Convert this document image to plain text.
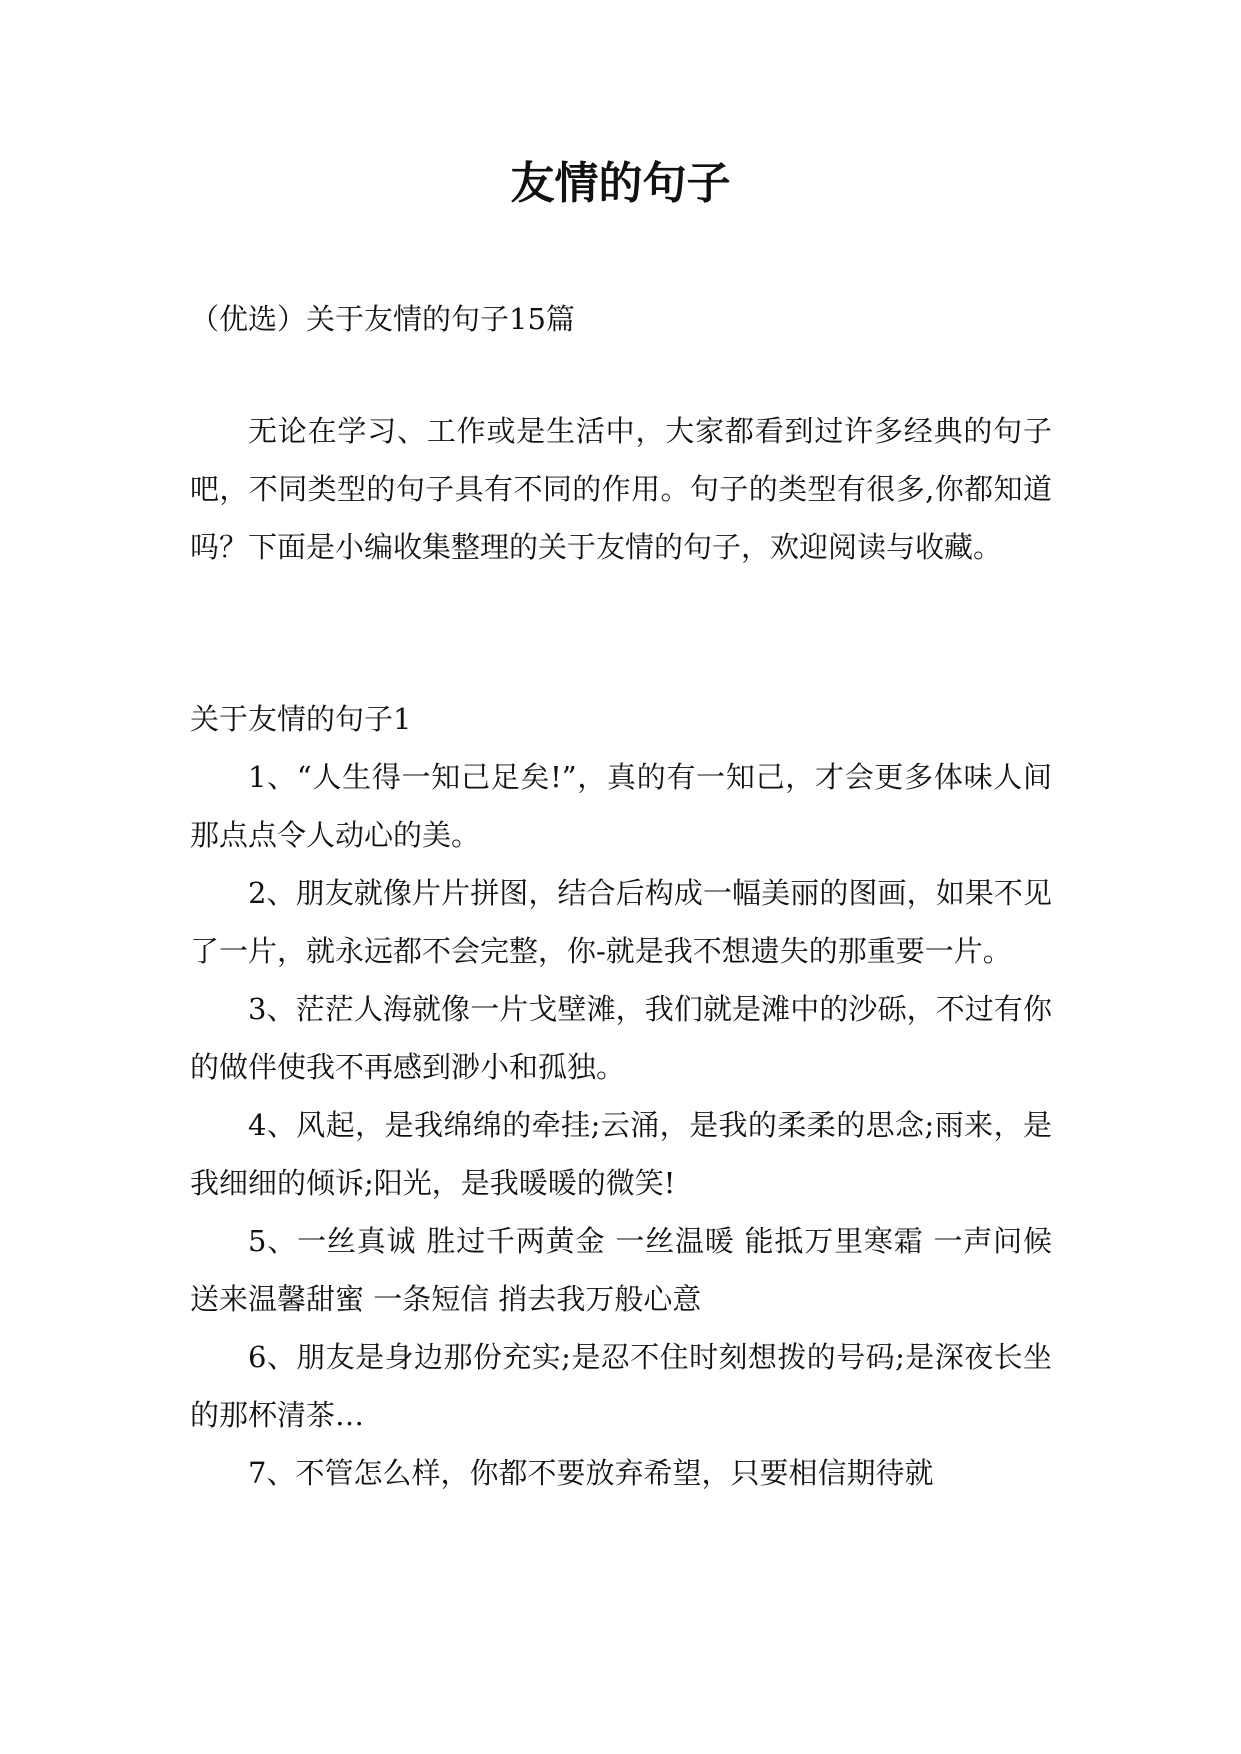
友情的句子

（优选）关于友情的句子15篇

无论在学习、工作或是生活中，大家都看到过许多经典的句子吧，不同类型的句子具有不同的作用。句子的类型有很多,你都知道吗？下面是小编收集整理的关于友情的句子，欢迎阅读与收藏。

关于友情的句子1

1、“人生得一知己足矣!”，真的有一知己，才会更多体味人间那点点令人动心的美。

2、朋友就像片片拼图，结合后构成一幅美丽的图画，如果不见了一片，就永远都不会完整，你-就是我不想遗失的那重要一片。

3、茫茫人海就像一片戈壁滩，我们就是滩中的沙砾，不过有你的做伴使我不再感到渺小和孤独。

4、风起，是我绵绵的牵挂;云涌，是我的柔柔的思念;雨来，是我细细的倾诉;阳光，是我暖暖的微笑!

5、一丝真诚 胜过千两黄金 一丝温暖 能抵万里寒霜 一声问候 送来温馨甜蜜 一条短信 捎去我万般心意

6、朋友是身边那份充实;是忍不住时刻想拨的号码;是深夜长坐的那杯清茶…

7、不管怎么样，你都不要放弃希望，只要相信期待就
